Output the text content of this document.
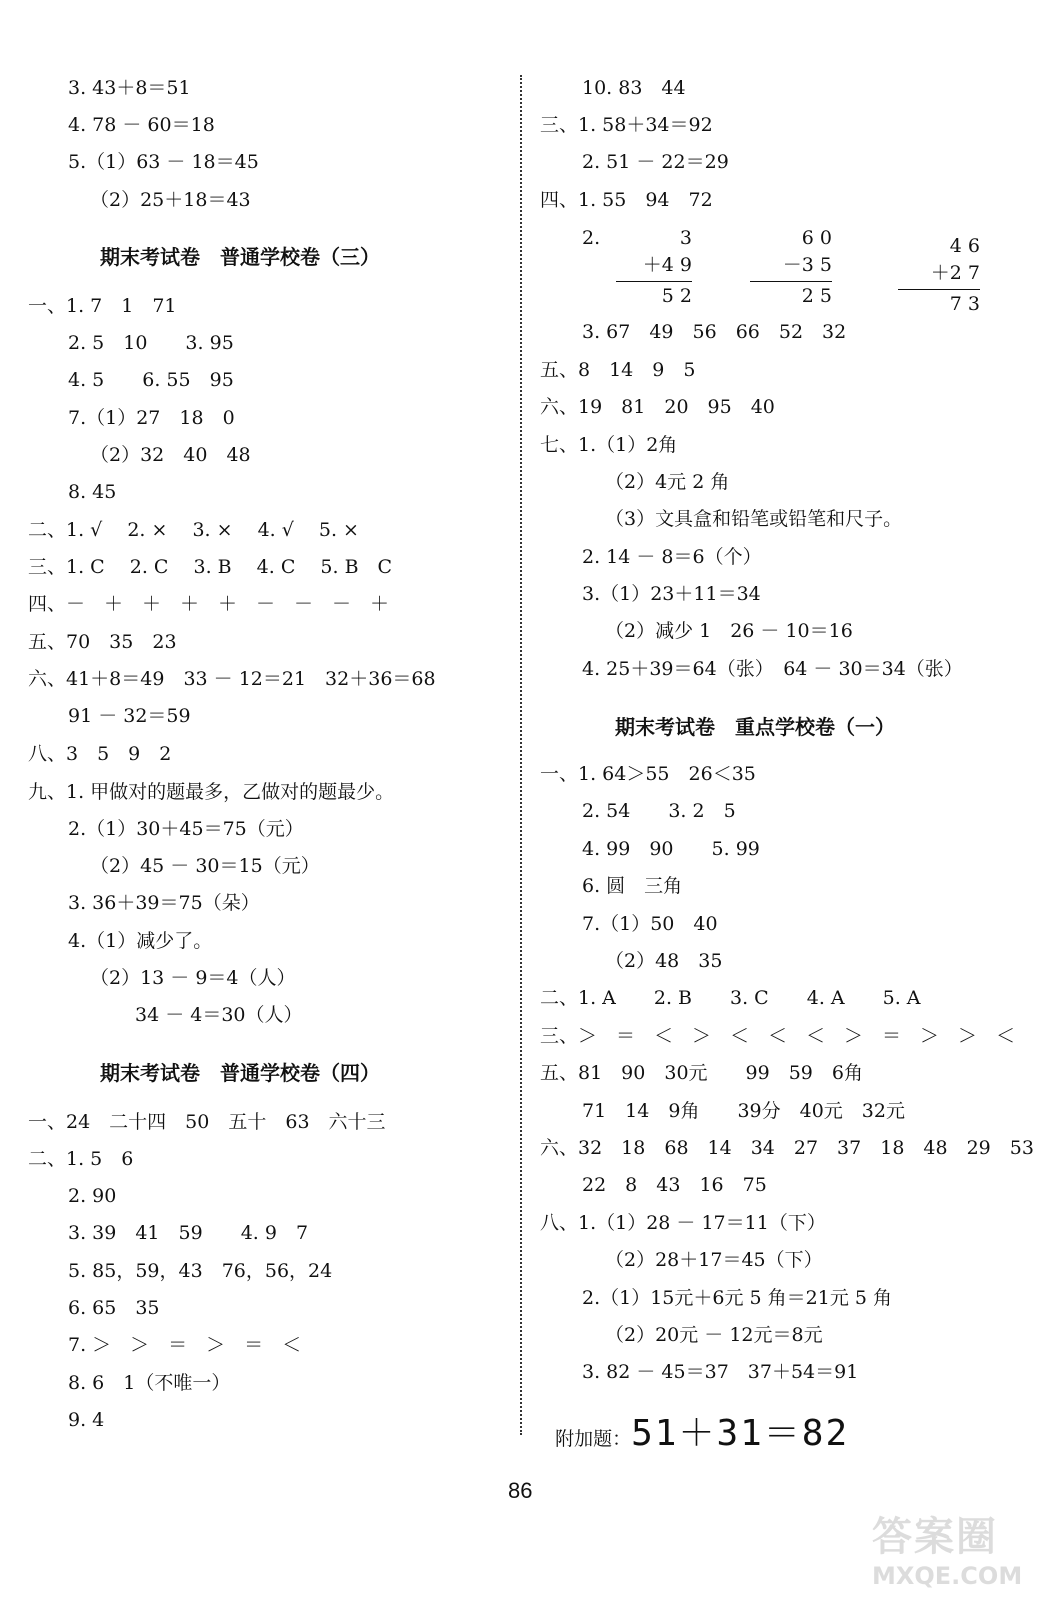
3. 43＋8＝51
4. 78 － 60＝18
5.（1）63 － 18＝45
（2）25＋18＝43
一、1. 7　1　71
2. 5　10　　3. 95
4. 5　　6. 55　95
7.（1）27　18　0
（2）32　40　48
8. 45
二、1. √　 2. ×　 3. ×　 4. √　 5. ×
三、1. C　 2. C　 3. B　 4. C　 5. B　C
四、－　＋　＋　＋　＋　－　－　－　＋
五、70　35　23
六、41＋8＝49　33 － 12＝21　32＋36＝68
91 － 32＝59
八、3　5　9　2
九、1. 甲做对的题最多，乙做对的题最少。
2.（1）30＋45＝75（元）
（2）45 － 30＝15（元）
3. 36＋39＝75（朵）
4.（1）减少了。
（2）13 － 9＝4（人）
34 － 4＝30（人）
一、24　二十四　50　五十　63　六十三
二、1. 5　6
2. 90
3. 39　41　59　　4. 9　7
5. 85，59，43　76，56，24
6. 65　35
7. ＞　＞　＝　＞　＝　＜
8. 6　1（不唯一）
9. 4
10. 83　44
三、1. 58＋34＝92
2. 51 － 22＝29
四、1. 55　94　72
2.
3. 67　49　56　66　52　32
五、8　14　9　5
六、19　81　20　95　40
七、1.（1）2角
（2）4元 2 角
（3）文具盒和铅笔或铅笔和尺子。
2. 14 － 8＝6（个）
3.（1）23＋11＝34
（2）减少 1　26 － 10＝16
4. 25＋39＝64（张）　64 － 30＝34（张）
一、1. 64＞55　26＜35
2. 54　　3. 2　5
4. 99　90　　5. 99
6. 圆　三角
7.（1）50　40
（2）48　35
二、1. A　　2. B　　3. C　　4. A　　5. A
三、＞　＝　＜　＞　＜　＜　＜　＞　＝　＞　＞　＜
五、81　90　30元　　99　59　6角
71　14　9角　　39分　40元　32元
六、32　18　68　14　34　27　37　18　48　29　53
22　8　43　16　75
八、1.（1）28 － 17＝11（下）
（2）28＋17＝45（下）
2.（1）15元＋6元 5 角＝21元 5 角
（2）20元 － 12元＝8元
3. 82 － 45＝37　37＋54＝91
期末考试卷　普通学校卷（三）
期末考试卷　普通学校卷（四）
期末考试卷　重点学校卷（一）
3
＋4 9
5 2
6 0
－3 5
2 5
4 6
＋2 7
7 3

附加题：51＋31＝82

86
答案圈
MXQE.COM
